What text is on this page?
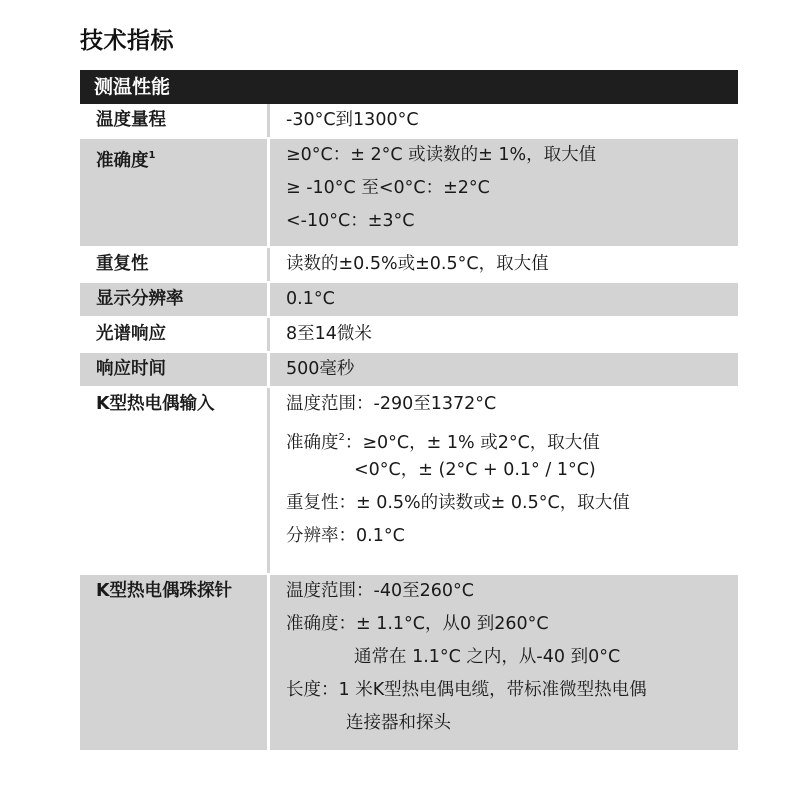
技术指标
测温性能
温度量程	-30°C到1300°C
准确度$^1$	≥0°C：± 2°C 或读数的± 1%，取大值
≥ -10°C 至<0°C：±2°C
<-10°C：±3°C
重复性	读数的±0.5%或±0.5°C，取大值
显示分辨率	0.1°C
光谱响应	8至14微米
响应时间	500毫秒
K型热电偶输入	温度范围：-290至1372°C
准确度$^2$：≥0°C，± 1% 或2°C，取大值
<0°C，± (2°C + 0.1° / 1°C)
重复性：± 0.5%的读数或± 0.5°C，取大值
分辨率：0.1°C
K型热电偶珠探针	温度范围：-40至260°C
准确度：± 1.1°C，从0 到260°C
通常在 1.1°C 之内，从-40 到0°C
长度：1 米K型热电偶电缆，带标准微型热电偶
连接器和探头
